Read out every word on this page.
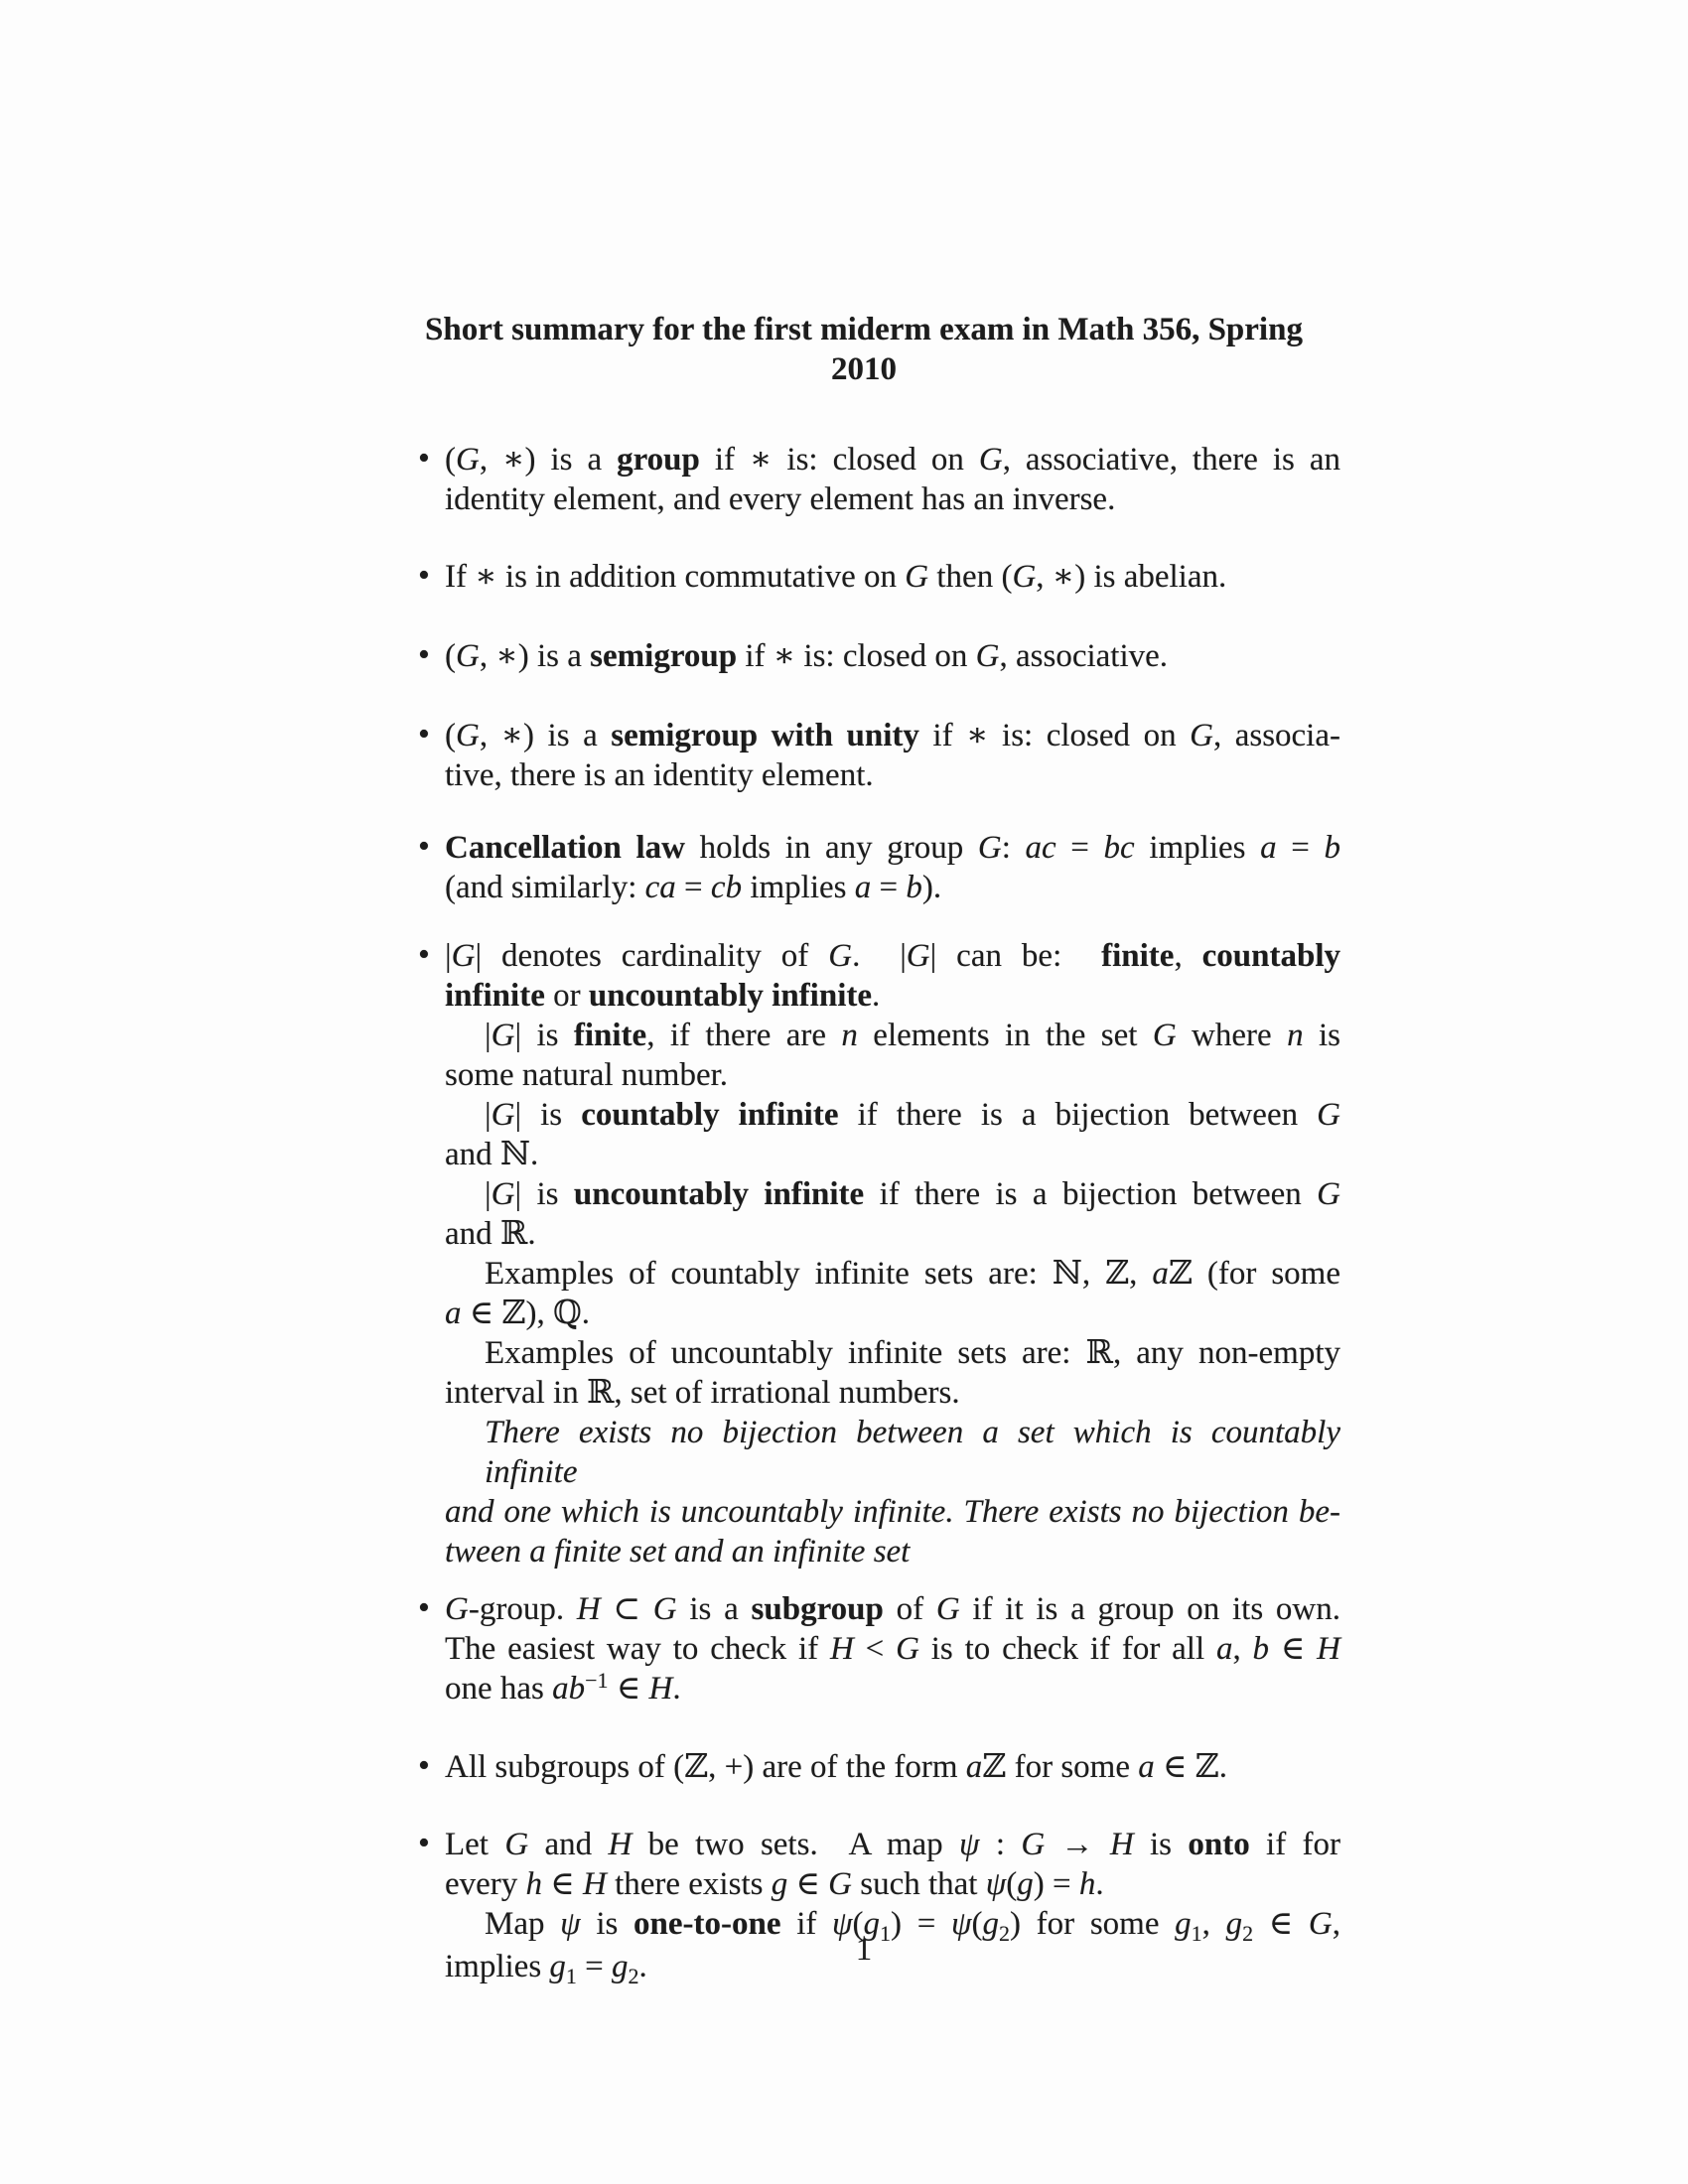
Short summary for the first miderm exam in Math 356, Spring
2010
• (G, ∗) is a group if ∗ is: closed on G, associative, there is an
identity element, and every element has an inverse.
• If ∗ is in addition commutative on G then (G, ∗) is abelian.
• (G, ∗) is a semigroup if ∗ is: closed on G, associative.
• (G, ∗) is a semigroup with unity if ∗ is: closed on G, associa-
tive, there is an identity element.
• Cancellation law holds in any group G: ac = bc implies a = b
(and similarly: ca = cb implies a = b).
• |G| denotes cardinality of G.  |G| can be:  finite, countably
infinite or uncountably infinite.
|G| is finite, if there are n elements in the set G where n is
some natural number.
|G| is countably infinite if there is a bijection between G
and ℕ.
|G| is uncountably infinite if there is a bijection between G
and ℝ.
Examples of countably infinite sets are: ℕ, ℤ, aℤ (for some
a ∈ ℤ), ℚ.
Examples of uncountably infinite sets are: ℝ, any non-empty
interval in ℝ, set of irrational numbers.
There exists no bijection between a set which is countably infinite
and one which is uncountably infinite. There exists no bijection be-
tween a finite set and an infinite set
• G-group. H ⊂ G is a subgroup of G if it is a group on its own.
The easiest way to check if H < G is to check if for all a, b ∈ H
one has $ab^{-1}$ ∈ H.
• All subgroups of (ℤ, +) are of the form aℤ for some a ∈ ℤ.
• Let G and H be two sets.  A map ψ : G → H is onto if for
every h ∈ H there exists g ∈ G such that ψ(g) = h.
Map ψ is one-to-one if $\psi(g_1) = \psi(g_2)$ for some $g_1$, $g_2$ ∈ G,
implies $g_1 = g_2$.	1
